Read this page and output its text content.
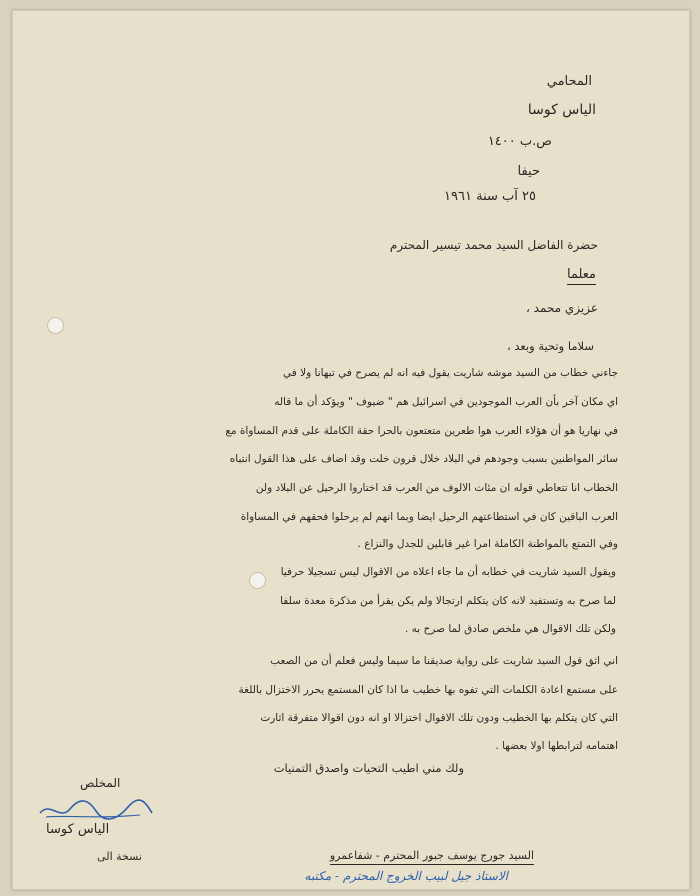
المحامي
الياس كوسا
ص.ب ١٤٠٠
حيفا
٢٥ آب سنة ١٩٦١
حضرة الفاضل السيد محمد تيسير المحترم
معلما
عزيزي محمد ،
سلاما وتحية وبعد ،
جاءني خطاب من السيد موشه شاريت يقول فيه انه لم يصرح في تبهانا ولا في
اي مكان آخر بأن العرب الموجودين في اسرائيل هم " ضيوف " ويؤكد أن ما قاله
في نهاريا هو أن هؤلاء العرب هوا طعرين متعتعون بالحرا حقة الكاملة على قدم المساواة مع
سائر المواطنين بسبب وجودهم في البلاد خلال قرون خلت وقد اضاف على هذا القول انتباه
الخطاب انا تتعاطي قوله ان مئات الالوف من العرب قد اختاروا الرحيل عن البلاد ولن
العرب الباقين كان في استطاعتهم الرحيل ايضا وبما انهم لم يرحلوا فحقهم في المساواة
وفي التمتع بالمواطنة الكاملة امرا غير قابلين للجدل والنزاع .
ويقول السيد شاريت في خطابه أن ما جاء اعلاه من الاقوال ليس تسجيلا حرفيا
لما صرح به وتستفيد لانه كان يتكلم ارتجالا ولم يكن يقرأ من مذكرة معدة سلفا
ولكن تلك الاقوال هي ملخص صادق لما صرح به .
اني اثق قول السيد شاريت على رواية صديقنا ما سيما وليس فعلم أن من الصعب
على مستمع اعادة الكلمات التي تفوه بها خطيب ما اذا كان المستمع يحرر الاختزال باللغة
التي كان يتكلم بها الخطيب ودون تلك الاقوال اختزالا او انه دون اقوالا متفرقة اثارت
اهتمامه لترابطها اولا بعضها .
ولك مني اطيب التحيات واصدق التمنيات
المخلص
الياس كوسا
نسخة الى	السيد جورج يوسف جبور المحترم - شفاعمرو
الاستاذ جيل لبيب الخروج المحترم - مكتبه
